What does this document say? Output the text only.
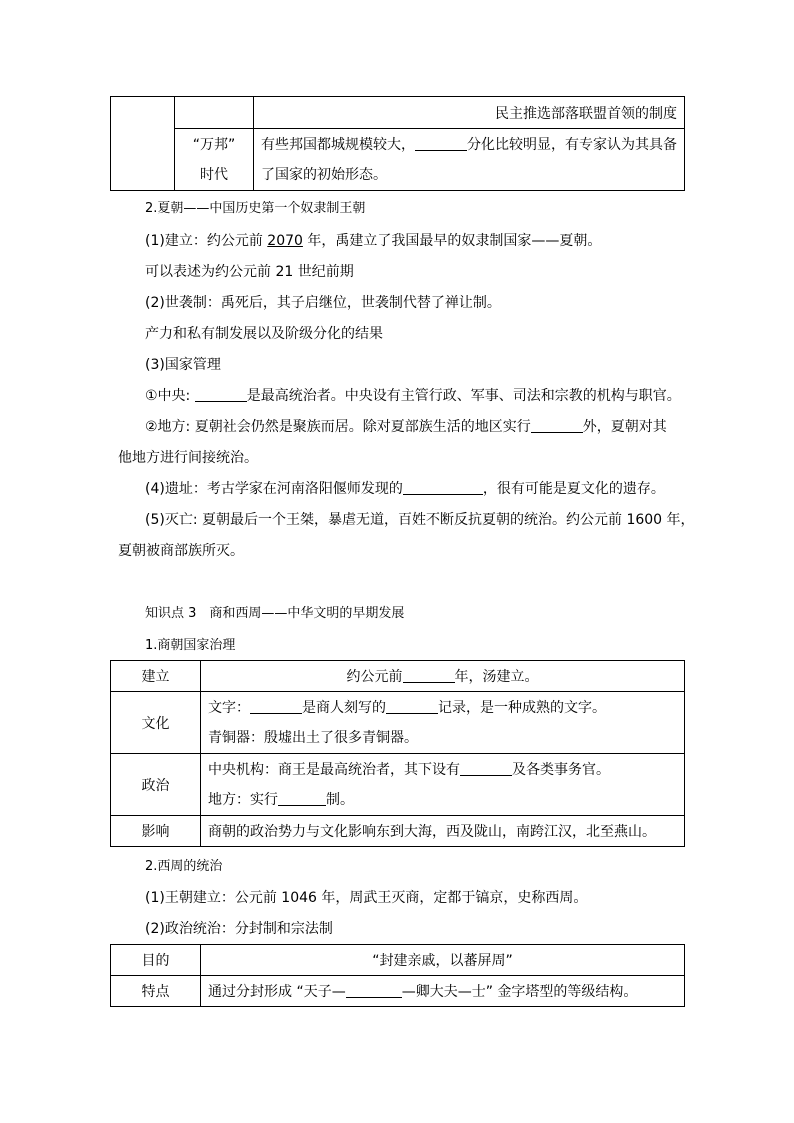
		民主推选部落联盟首领的制度

	“万邦”
时代	有些邦国都城规模较大， 分化比较明显，有专家认为其具备
了国家的初始形态。
2.夏朝——中国历史第一个奴隶制王朝
(1)建立：约公元前 2070 年，禹建立了我国最早的奴隶制国家——夏朝。
可以表述为约公元前 21 世纪前期
(2)世袭制：禹死后，其子启继位，世袭制代替了禅让制。
产力和私有制发展以及阶级分化的结果
(3)国家管理
①中央:	是最高统治者。中央设有主管行政、军事、司法和宗教的机构与职官。
②地方: 夏朝社会仍然是聚族而居。除对夏部族生活的地区实行	外，夏朝对其
他地方进行间接统治。
(4)遗址：考古学家在河南洛阳偃师发现的	，很有可能是夏文化的遗存。
(5)灭亡: 夏朝最后一个王桀，暴虐无道，百姓不断反抗夏朝的统治。约公元前 1600 年，
夏朝被商部族所灭。
知识点 3　商和西周——中华文明的早期发展
1.商朝国家治理
建立	约公元前 年，汤建立。
文化	文字： 是商人刻写的 记录，是一种成熟的文字。
青铜器：殷墟出土了很多青铜器。

政治	中央机构：商王是最高统治者，其下设有 及各类事务官。
地方：实行 制。

影响	商朝的政治势力与文化影响东到大海，西及陇山，南跨江汉，北至燕山。
2.西周的统治
(1)王朝建立：公元前 1046 年，周武王灭商，定都于镐京，史称西周。
(2)政治统治：分封制和宗法制
目的	“封建亲戚，以蕃屏周”
特点	通过分封形成 “天子— —卿大夫—士” 金字塔型的等级结构。
